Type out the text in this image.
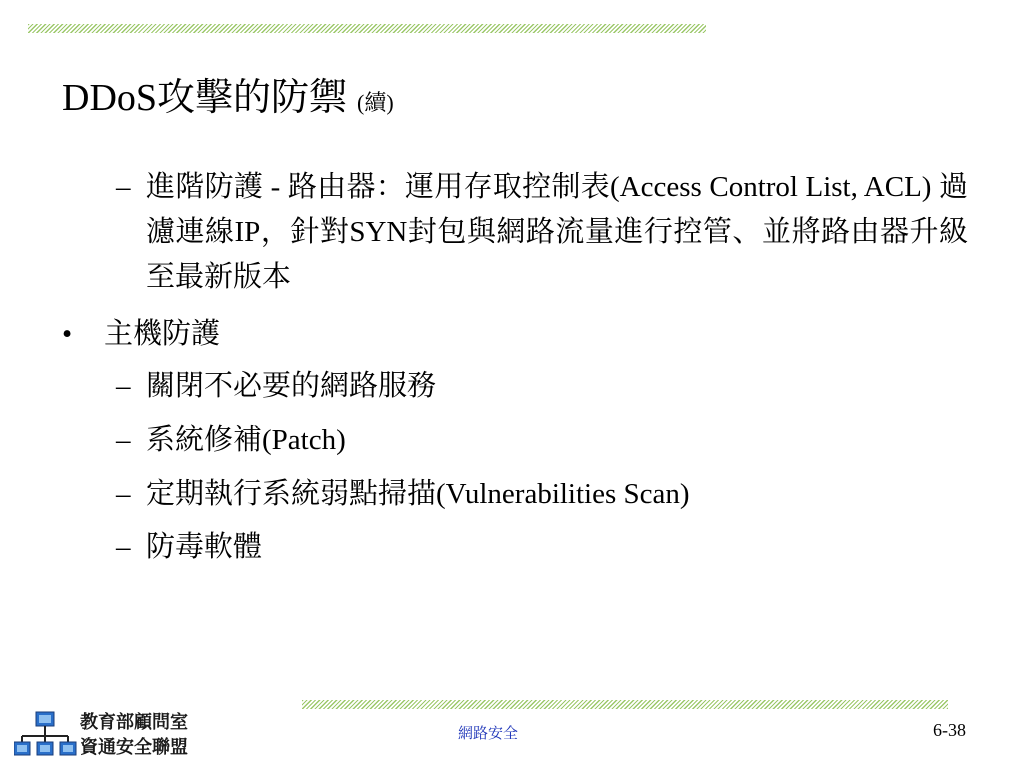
DDoS攻擊的防禦 (續)
– 進階防護 - 路由器：運用存取控制表(Access Control List, ACL) 過濾連線IP，針對SYN封包與網路流量進行控管、並將路由器升級至最新版本
• 主機防護
– 關閉不必要的網路服務
– 系統修補(Patch)
– 定期執行系統弱點掃描(Vulnerabilities Scan)
– 防毒軟體
教育部顧問室
資通安全聯盟
網路安全	6-38
